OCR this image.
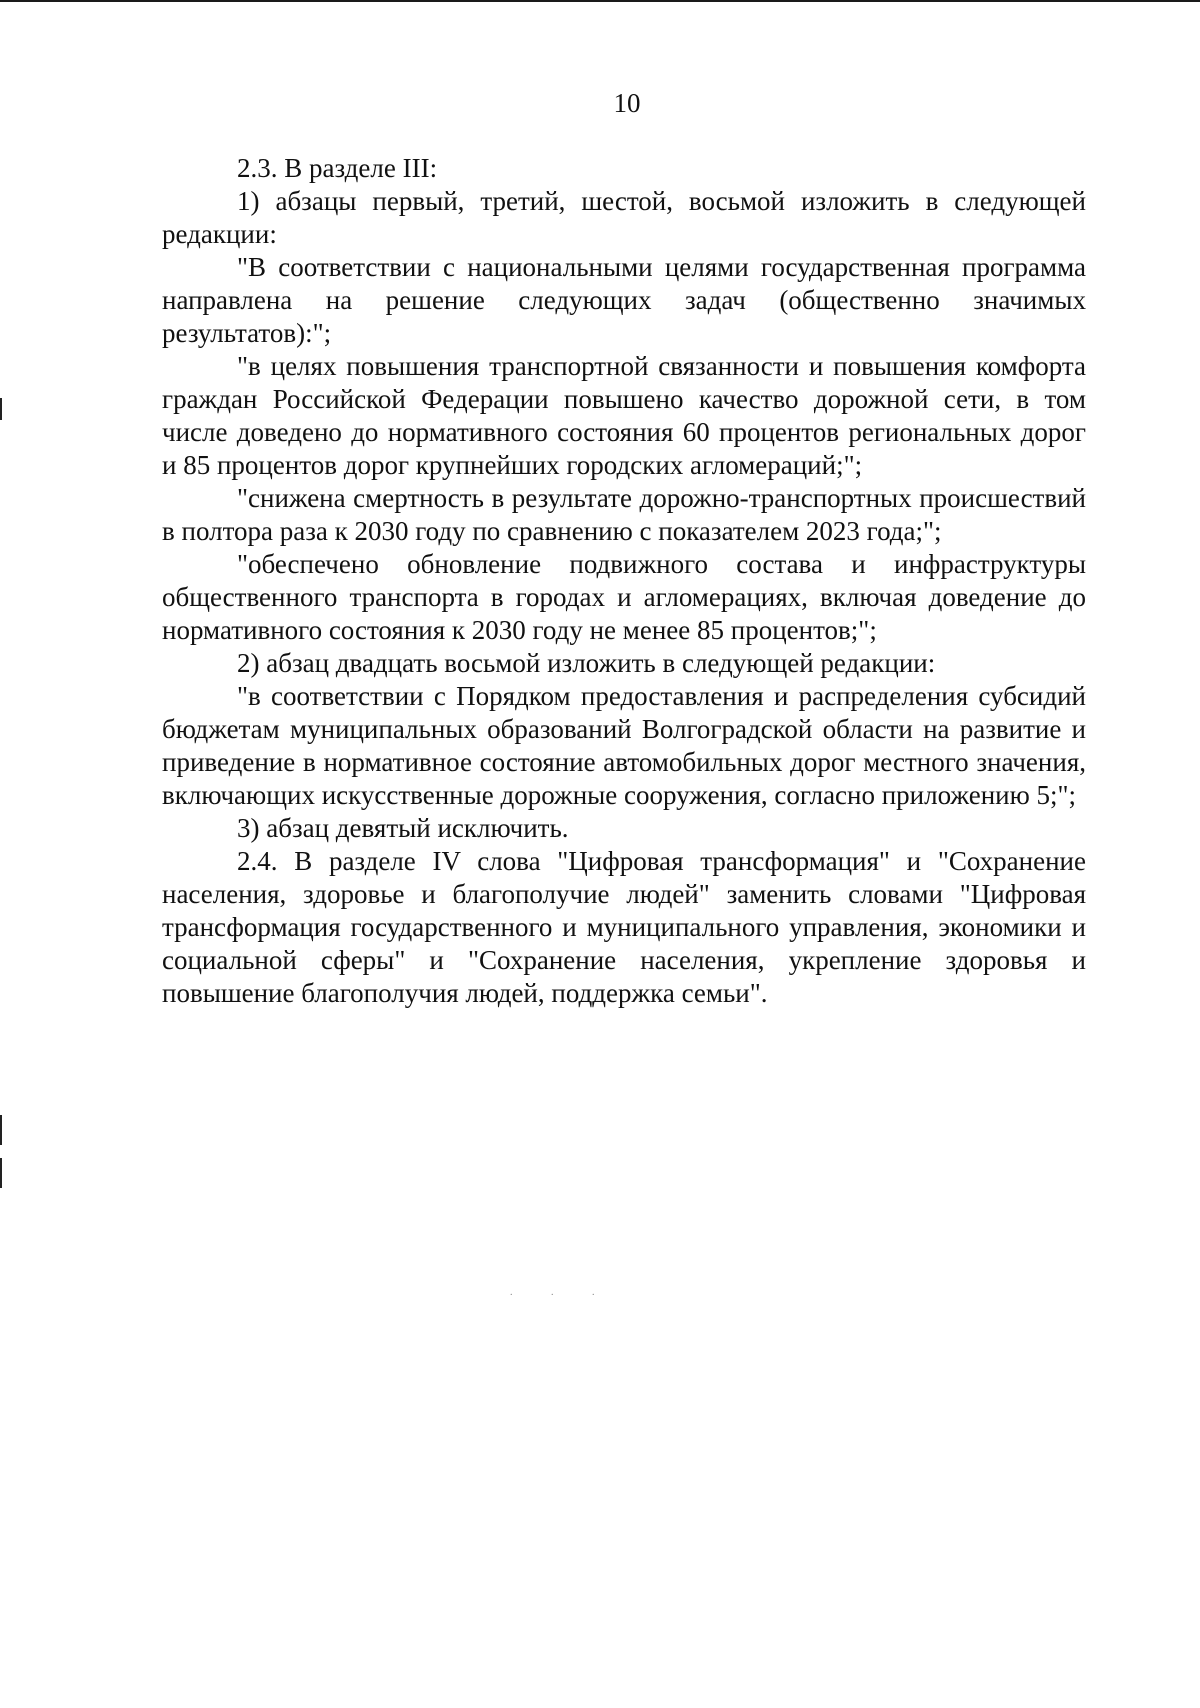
10

2.3. В разделе III:

1) абзацы первый, третий, шестой, восьмой изложить в следующей редакции:

"В соответствии с национальными целями государственная программа направлена на решение следующих задач (общественно значимых результатов):";

"в целях повышения транспортной связанности и повышения комфорта граждан Российской Федерации повышено качество дорожной сети, в том числе доведено до нормативного состояния 60 процентов региональных дорог и 85 процентов дорог крупнейших городских агломераций;";

"снижена смертность в результате дорожно-транспортных происшествий в полтора раза к 2030 году по сравнению с показателем 2023 года;";

"обеспечено обновление подвижного состава и инфраструктуры общественного транспорта в городах и агломерациях, включая доведение до нормативного состояния к 2030 году не менее 85 процентов;";

2) абзац двадцать восьмой изложить в следующей редакции:

"в соответствии с Порядком предоставления и распределения субсидий бюджетам муниципальных образований Волгоградской области на развитие и приведение в нормативное состояние автомобильных дорог местного значения, включающих искусственные дорожные сооружения, согласно приложению 5;";

3) абзац девятый исключить.

2.4. В разделе IV слова "Цифровая трансформация" и "Сохранение населения, здоровье и благополучие людей" заменить словами "Цифровая трансформация государственного и муниципального управления, экономики и социальной сферы" и "Сохранение населения, укрепление здоровья и повышение благополучия людей, поддержка семьи".

. . .
